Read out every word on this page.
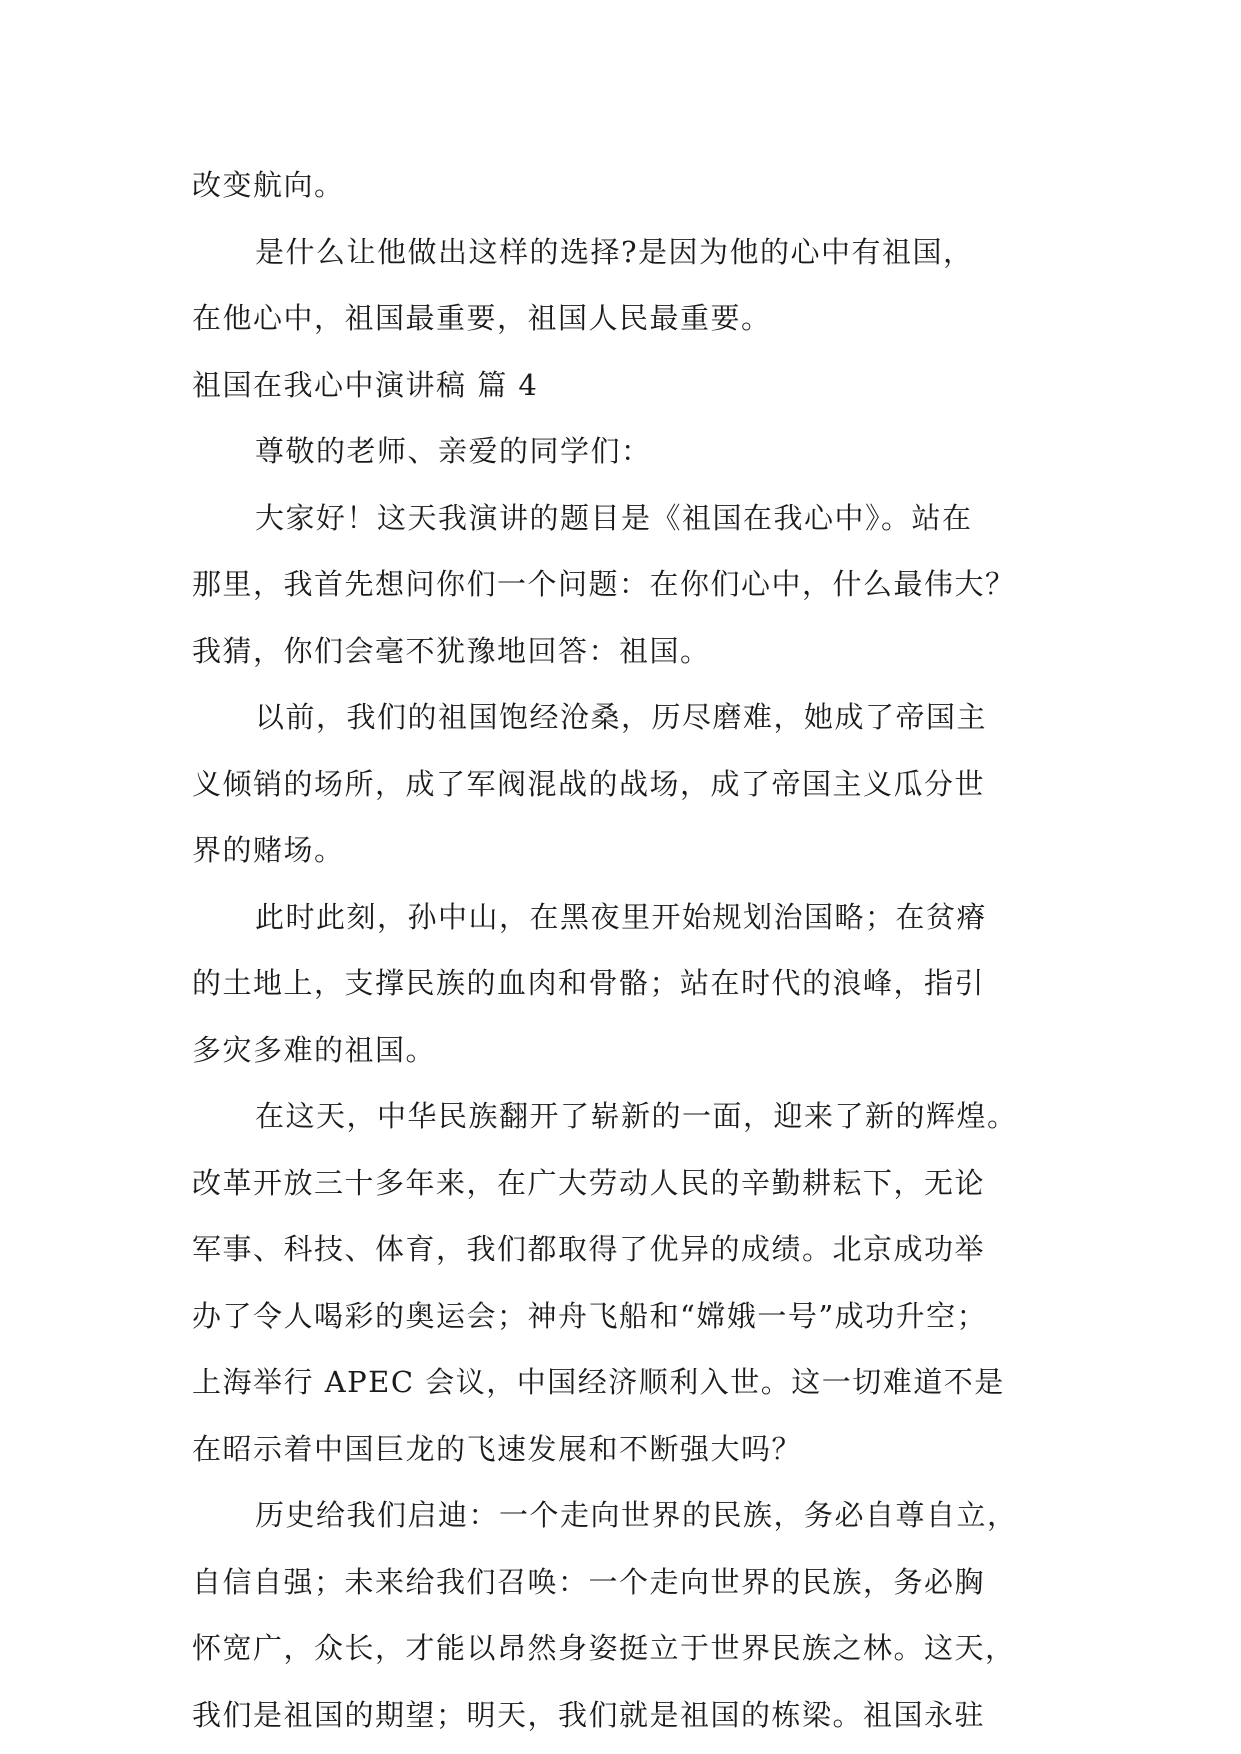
改变航向。
是什么让他做出这样的选择?是因为他的心中有祖国，
在他心中，祖国最重要，祖国人民最重要。
祖国在我心中演讲稿 篇 4
尊敬的老师、亲爱的同学们：
大家好！这天我演讲的题目是《祖国在我心中》。站在
那里，我首先想问你们一个问题：在你们心中，什么最伟大？
我猜，你们会毫不犹豫地回答：祖国。
以前，我们的祖国饱经沧桑，历尽磨难，她成了帝国主
义倾销的场所，成了军阀混战的战场，成了帝国主义瓜分世
界的赌场。
此时此刻，孙中山，在黑夜里开始规划治国略；在贫瘠
的土地上，支撑民族的血肉和骨骼；站在时代的浪峰，指引
多灾多难的祖国。
在这天，中华民族翻开了崭新的一面，迎来了新的辉煌。
改革开放三十多年来，在广大劳动人民的辛勤耕耘下，无论
军事、科技、体育，我们都取得了优异的成绩。北京成功举
办了令人喝彩的奥运会；神舟飞船和“嫦娥一号”成功升空；
上海举行 APEC 会议，中国经济顺利入世。这一切难道不是
在昭示着中国巨龙的飞速发展和不断强大吗？
历史给我们启迪：一个走向世界的民族，务必自尊自立，
自信自强；未来给我们召唤：一个走向世界的民族，务必胸
怀宽广，众长，才能以昂然身姿挺立于世界民族之林。这天，
我们是祖国的期望；明天，我们就是祖国的栋梁。祖国永驻
